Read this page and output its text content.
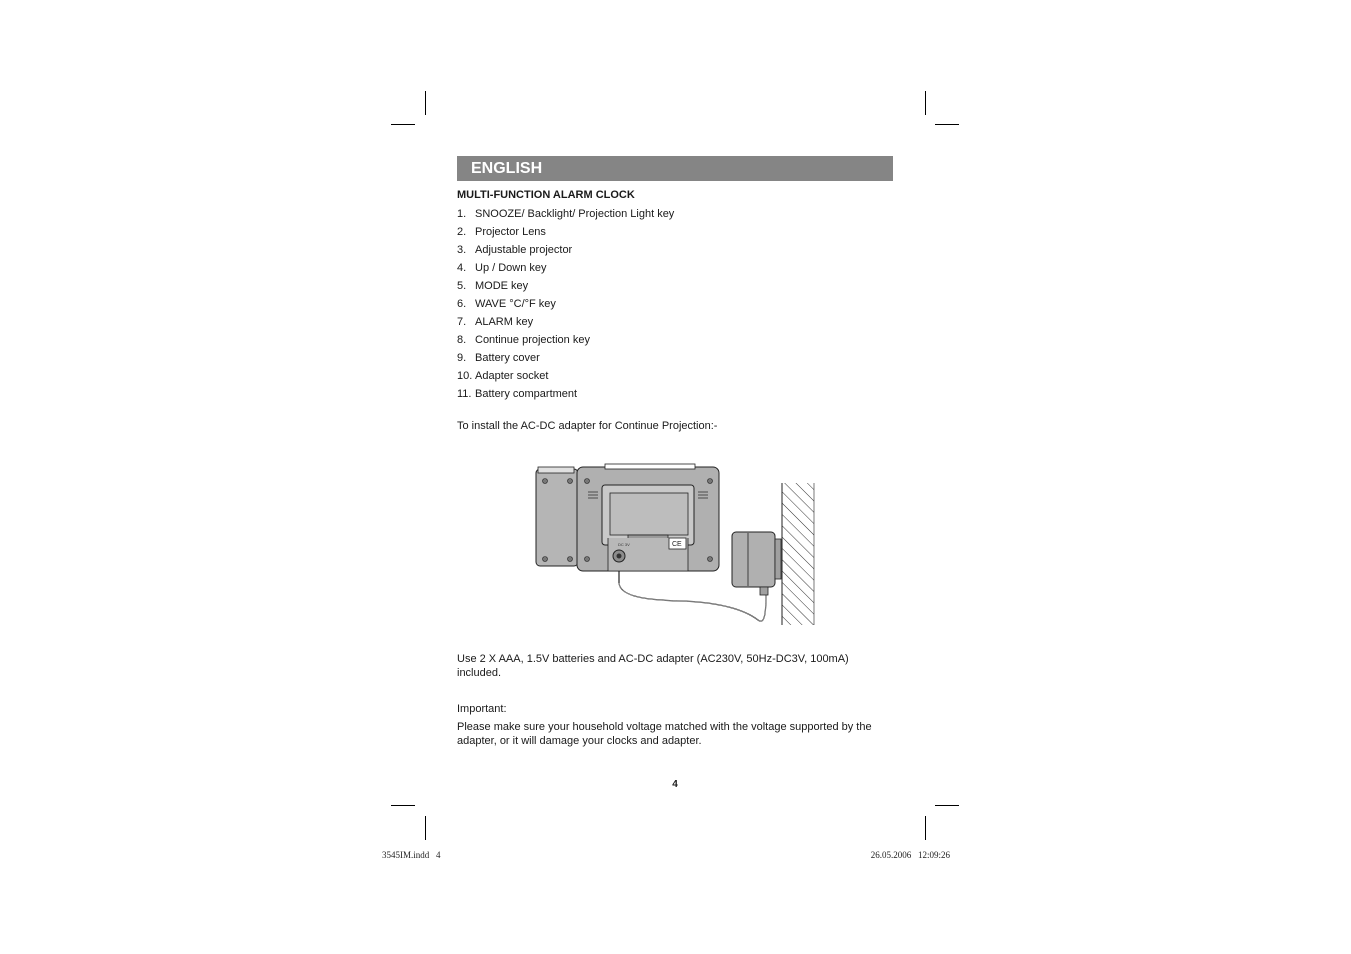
ENGLISH
MULTI-FUNCTION ALARM CLOCK
1. SNOOZE/ Backlight/ Projection Light key
2. Projector Lens
3. Adjustable projector
4. Up / Down key
5. MODE key
6. WAVE °C/°F key
7. ALARM key
8. Continue projection key
9. Battery cover
10. Adapter socket
11. Battery compartment
To install the AC-DC adapter for Continue Projection:-
DC 3V	CE
Use 2 X AAA, 1.5V batteries and AC-DC adapter (AC230V, 50Hz-DC3V, 100mA) included.
Important:
Please make sure your household voltage matched with the voltage supported by the adapter, or it will damage your clocks and adapter.
4
3545IM.indd   4	26.05.2006   12:09:26
